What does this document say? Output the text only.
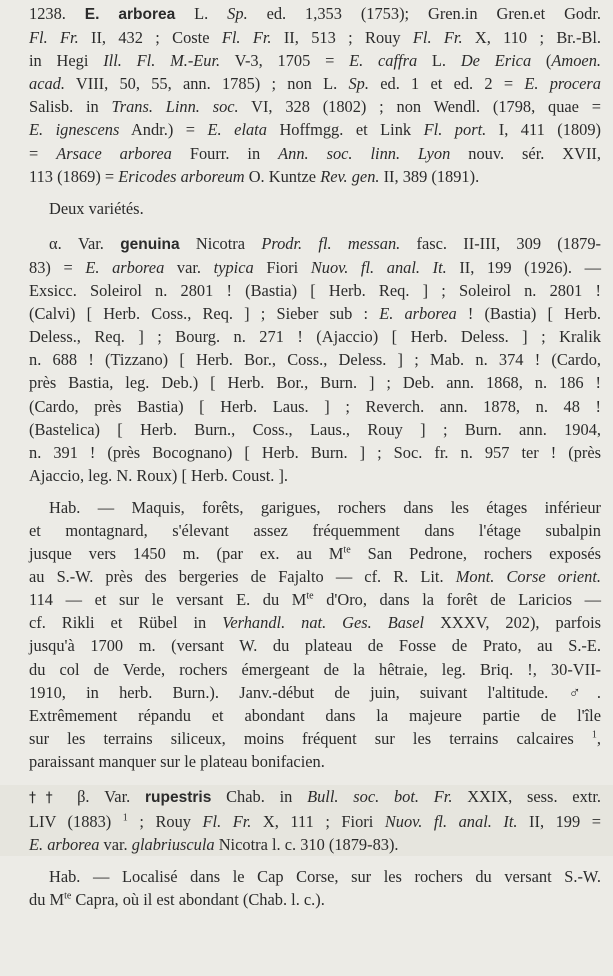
1238. E. arborea L. Sp. ed. 1,353 (1753); Gren.in Gren.et Godr.
Fl. Fr. II, 432 ; Coste Fl. Fr. II, 513 ; Rouy Fl. Fr. X, 110 ; Br.-Bl.
in Hegi Ill. Fl. M.-Eur. V-3, 1705 = E. caffra L. De Erica (Amoen.
acad. VIII, 50, 55, ann. 1785) ; non L. Sp. ed. 1 et ed. 2 = E. procera
Salisb. in Trans. Linn. soc. VI, 328 (1802) ; non Wendl. (1798, quae =
E. ignescens Andr.) = E. elata Hoffmgg. et Link Fl. port. I, 411 (1809)
= Arsace arborea Fourr. in Ann. soc. linn. Lyon nouv. sér. XVII,
113 (1869) = Ericodes arboreum O. Kuntze Rev. gen. II, 389 (1891).
Deux variétés.
α. Var. genuina Nicotra Prodr. fl. messan. fasc. II-III, 309 (1879-
83) = E. arborea var. typica Fiori Nuov. fl. anal. It. II, 199 (1926). —
Exsicc. Soleirol n. 2801 ! (Bastia) [ Herb. Req. ] ; Soleirol n. 2801 !
(Calvi) [ Herb. Coss., Req. ] ; Sieber sub : E. arborea ! (Bastia) [ Herb.
Deless., Req. ] ; Bourg. n. 271 ! (Ajaccio) [ Herb. Deless. ] ; Kralik
n. 688 ! (Tizzano) [ Herb. Bor., Coss., Deless. ] ; Mab. n. 374 ! (Cardo,
près Bastia, leg. Deb.) [ Herb. Bor., Burn. ] ; Deb. ann. 1868, n. 186 !
(Cardo, près Bastia) [ Herb. Laus. ] ; Reverch. ann. 1878, n. 48 !
(Bastelica) [ Herb. Burn., Coss., Laus., Rouy ] ; Burn. ann. 1904,
n. 391 ! (près Bocognano) [ Herb. Burn. ] ; Soc. fr. n. 957 ter ! (près
Ajaccio, leg. N. Roux) [ Herb. Coust. ].
Hab. — Maquis, forêts, garigues, rochers dans les étages inférieur
et montagnard, s'élevant assez fréquemment dans l'étage subalpin
jusque vers 1450 m. (par ex. au $M^{te}$ San Pedrone, rochers exposés
au S.-W. près des bergeries de Fajalto — cf. R. Lit. Mont. Corse orient.
114 — et sur le versant E. du $M^{te}$ d'Oro, dans la forêt de Laricios —
cf. Rikli et Rübel in Verhandl. nat. Ges. Basel XXXV, 202), parfois
jusqu'à 1700 m. (versant W. du plateau de Fosse de Prato, au S.-E.
du col de Verde, rochers émergeant de la hêtraie, leg. Briq. !, 30-VII-
1910, in herb. Burn.). Janv.-début de juin, suivant l'altitude. ♂.
Extrêmement répandu et abondant dans la majeure partie de l'île
sur les terrains siliceux, moins fréquent sur les terrains calcaires $^1$,
paraissant manquer sur le plateau bonifacien.
†† β. Var. rupestris Chab. in Bull. soc. bot. Fr. XXIX, sess. extr.
LIV (1883) $^1$ ; Rouy Fl. Fr. X, 111 ; Fiori Nuov. fl. anal. It. II, 199 =
E. arborea var. glabriuscula Nicotra l. c. 310 (1879-83).
Hab. — Localisé dans le Cap Corse, sur les rochers du versant S.-W.
du $M^{te}$ Capra, où il est abondant (Chab. l. c.).
